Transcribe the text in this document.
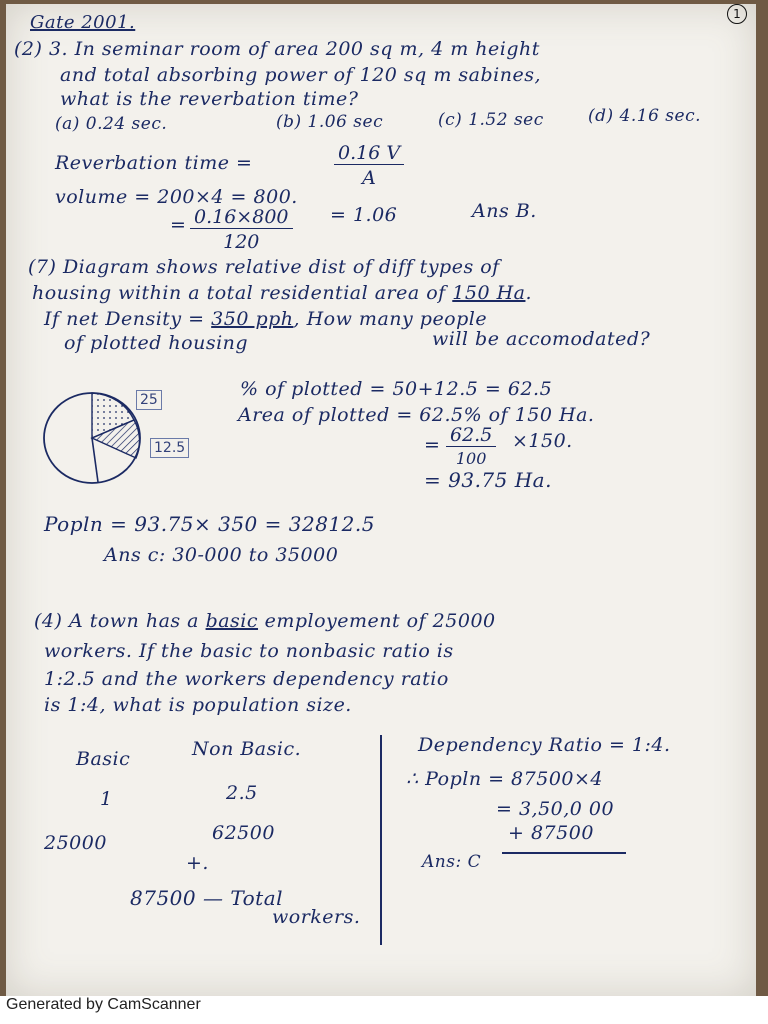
1
Gate 2001.
(2) 3. In seminar room of area 200 sq m, 4 m height
and total absorbing power of 120 sq m sabines,
what is the reverbation time?
(a) 0.24 sec.	(b) 1.06 sec	(c) 1.52 sec	(d) 4.16 sec.
Reverbation time =	$\frac{0.16 V}{A}$
volume = 200×4 = 800.
= $\frac{0.16\times 800}{120} = 1.06$	Ans B.
(7) Diagram shows relative dist of diff types of
housing within a total residential area of 150 Ha.
If net Density = 350 pph, How many people
of plotted housing	will be accomodated?
25
12.5
% of plotted = 50+12.5 = 62.5
Area of plotted = 62.5% of 150 Ha.
= 62.5
100
×150.
= 93.75 Ha.
Popln = 93.75× 350 = 32812.5
Ans c: 30-000 to 35000
(4) A town has a basic employement of 25000
workers. If the basic to nonbasic ratio is
1:2.5 and the workers dependency ratio
is 1:4, what is population size.
Basic	Non Basic.
1	2.5
25000	62500
+.
87500 — Total
workers.
Dependency Ratio = 1:4.
∴ Popln = 87500×4
= 3,50,0 00
+ 87500
Ans: C
Generated by CamScanner
